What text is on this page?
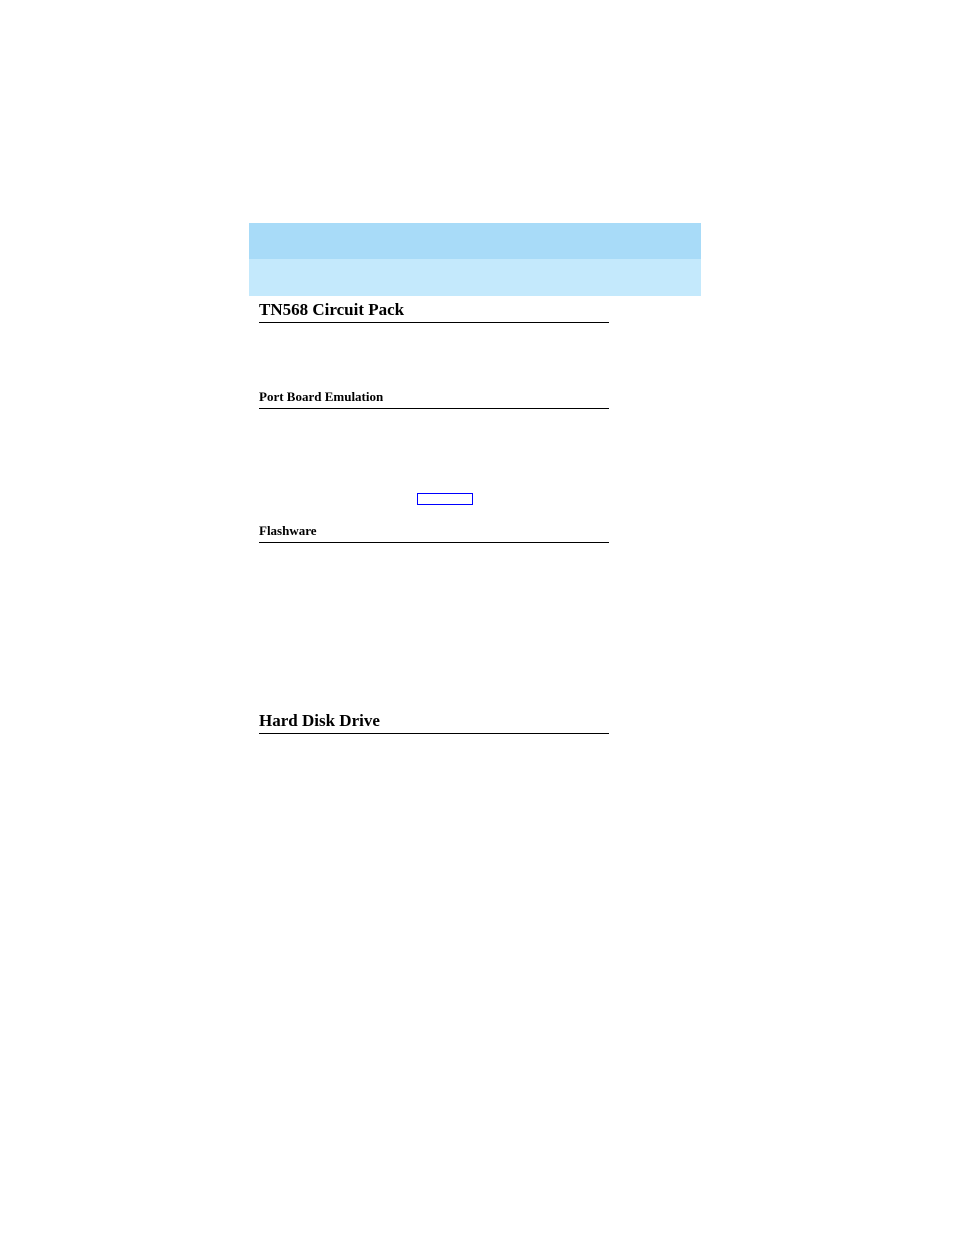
TN568 Circuit Pack
Port Board Emulation
Flashware
Hard Disk Drive
